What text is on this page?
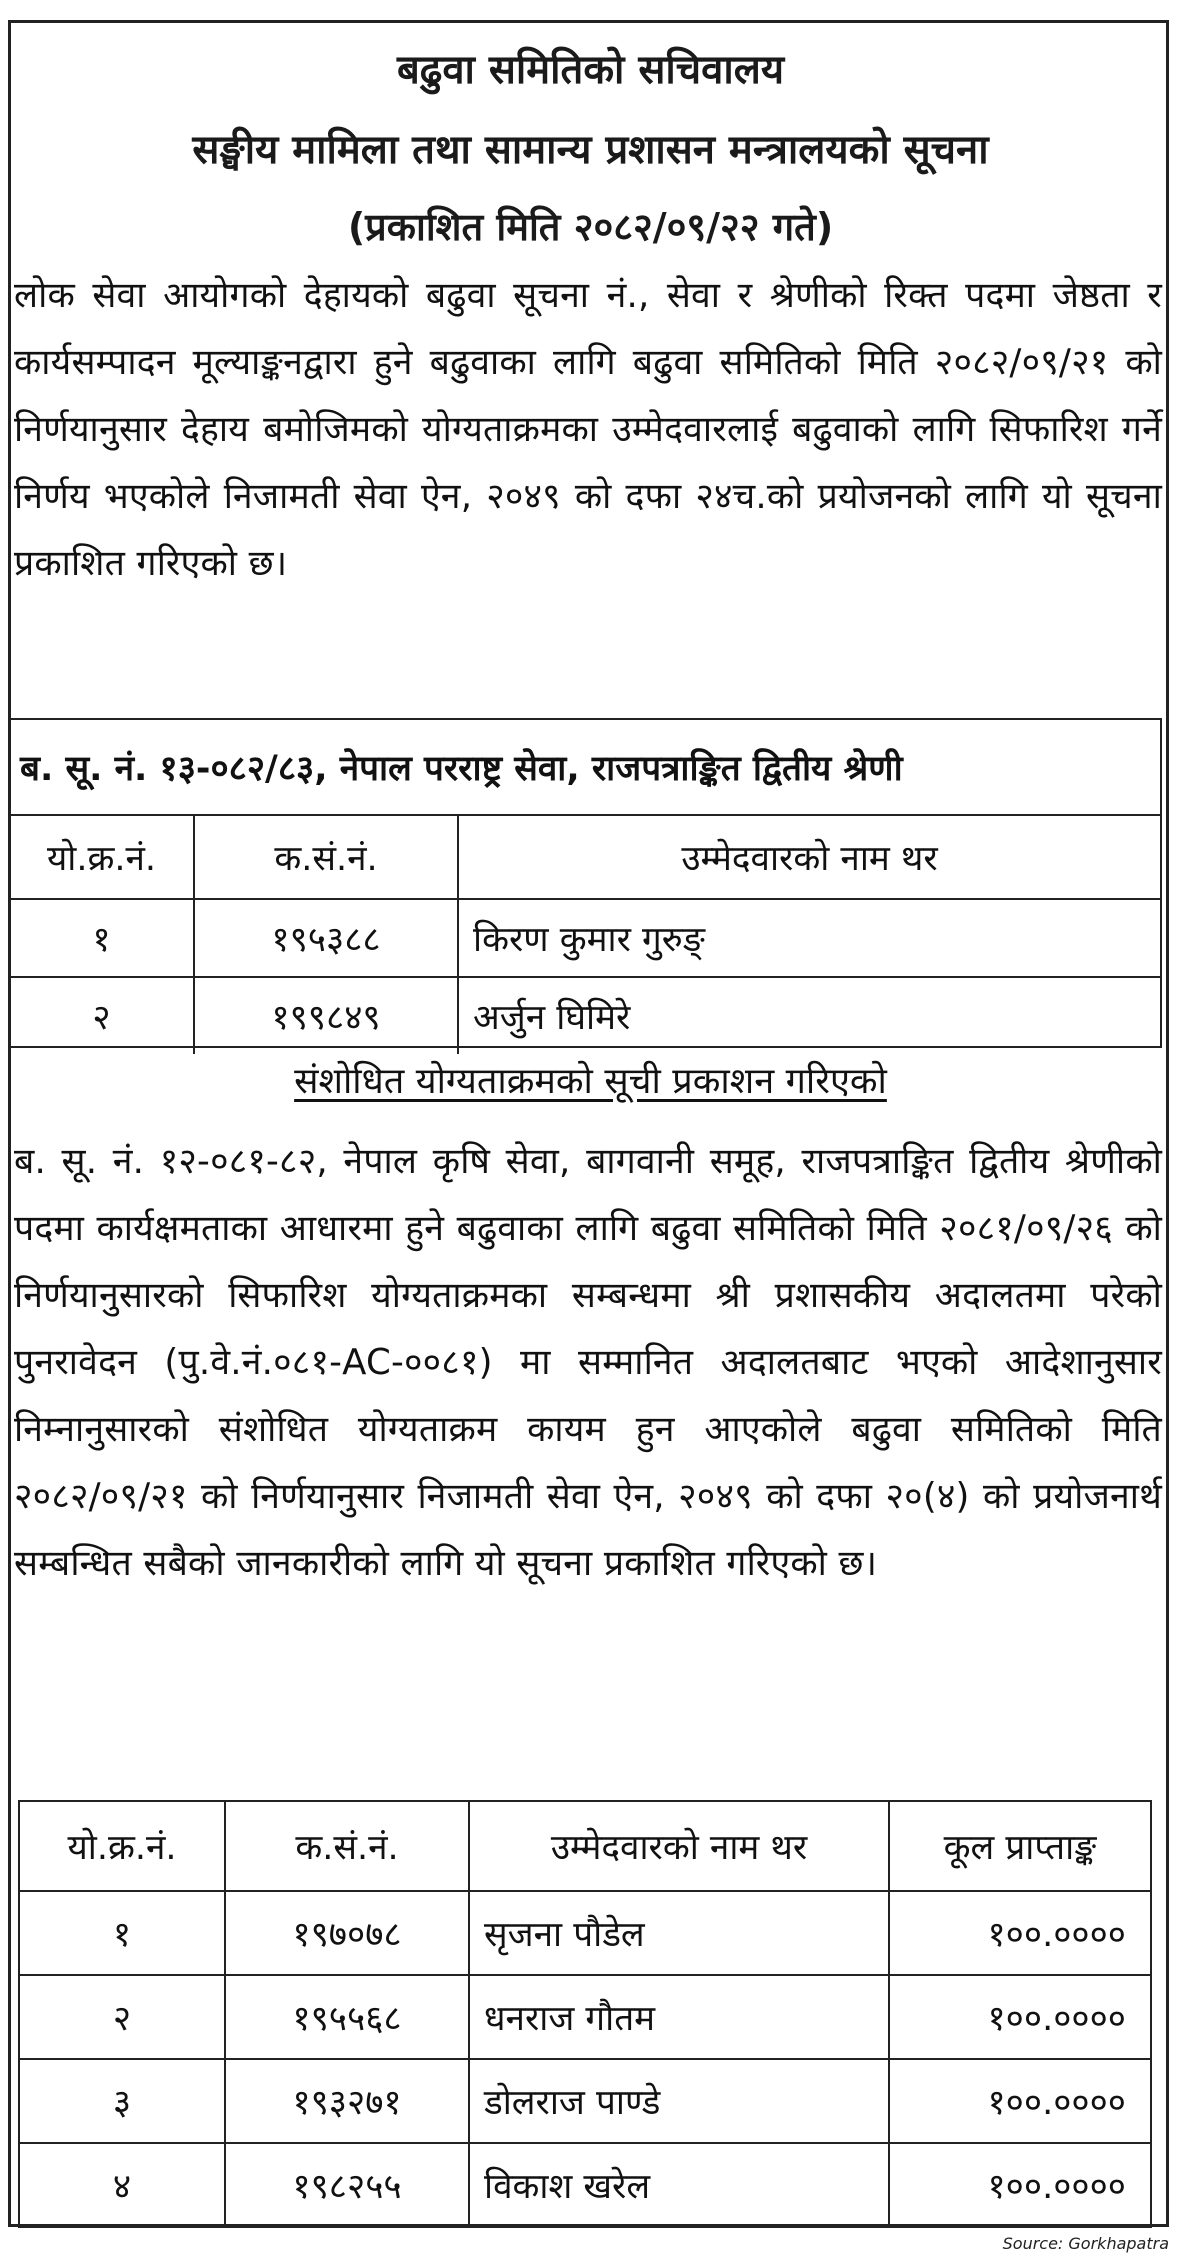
बढुवा समितिको सचिवालय
सङ्घीय मामिला तथा सामान्य प्रशासन मन्त्रालयको सूचना
(प्रकाशित मिति २०८२/०९/२२ गते)
लोक सेवा आयोगको देहायको बढुवा सूचना नं., सेवा र श्रेणीको रिक्त पदमा जेष्ठता र कार्यसम्पादन मूल्याङ्कनद्वारा हुने बढुवाका लागि बढुवा समितिको मिति २०८२/०९/२१ को निर्णयानुसार देहाय बमोजिमको योग्यताक्रमका उम्मेदवारलाई बढुवाको लागि सिफारिश गर्ने निर्णय भएकोले निजामती सेवा ऐन, २०४९ को दफा २४च.को प्रयोजनको लागि यो सूचना प्रकाशित गरिएको छ।
ब. सू. नं. १३-०८२/८३, नेपाल परराष्ट्र सेवा, राजपत्राङ्कित द्वितीय श्रेणी
यो.क्र.नं.	क.सं.नं.	उम्मेदवारको नाम थर
१	१९५३८८	किरण कुमार गुरुङ्
२	१९९८४९	अर्जुन घिमिरे
संशोधित योग्यताक्रमको सूची प्रकाशन गरिएको
ब. सू. नं. १२-०८१-८२, नेपाल कृषि सेवा, बागवानी समूह, राजपत्राङ्कित द्वितीय श्रेणीको पदमा कार्यक्षमताका आधारमा हुने बढुवाका लागि बढुवा समितिको मिति २०८१/०९/२६ को निर्णयानुसारको सिफारिश योग्यताक्रमका सम्बन्धमा श्री प्रशासकीय अदालतमा परेको पुनरावेदन (पु.वे.नं.०८१-AC-००८१) मा सम्मानित अदालतबाट भएको आदेशानुसार निम्नानुसारको संशोधित योग्यताक्रम कायम हुन आएकोले बढुवा समितिको मिति २०८२/०९/२१ को निर्णयानुसार निजामती सेवा ऐन, २०४९ को दफा २०(४) को प्रयोजनार्थ सम्बन्धित सबैको जानकारीको लागि यो सूचना प्रकाशित गरिएको छ।
यो.क्र.नं.	क.सं.नं.	उम्मेदवारको नाम थर	कूल प्राप्ताङ्क
१	१९७०७८	सृजना पौडेल	१००.००००
२	१९५५६८	धनराज गौतम	१००.००००
३	१९३२७१	डोलराज पाण्डे	१००.००००
४	१९८२५५	विकाश खरेल	१००.००००
Source: Gorkhapatra
